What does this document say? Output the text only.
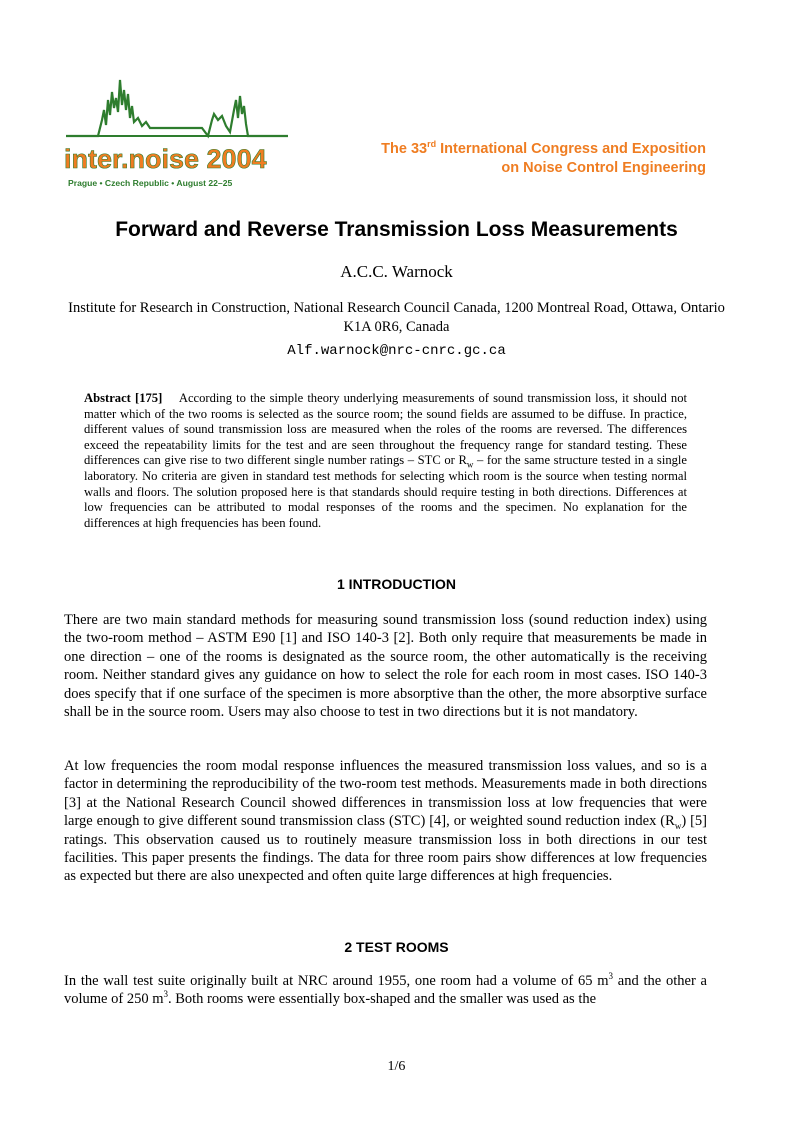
inter.noise 2004
Prague • Czech Republic • August 22–25
The 33rd International Congress and Exposition
on Noise Control Engineering
Forward and Reverse Transmission Loss Measurements
A.C.C. Warnock
Institute for Research in Construction, National Research Council Canada, 1200 Montreal Road, Ottawa, Ontario K1A 0R6, Canada
Alf.warnock@nrc-cnrc.gc.ca
Abstract [175] According to the simple theory underlying measurements of sound transmission loss, it should not matter which of the two rooms is selected as the source room; the sound fields are assumed to be diffuse. In practice, different values of sound transmission loss are measured when the roles of the rooms are reversed. The differences exceed the repeatability limits for the test and are seen throughout the frequency range for standard testing. These differences can give rise to two different single number ratings – STC or $R_w$ – for the same structure tested in a single laboratory. No criteria are given in standard test methods for selecting which room is the source when testing normal walls and floors. The solution proposed here is that standards should require testing in both directions. Differences at low frequencies can be attributed to modal responses of the rooms and the specimen. No explanation for the differences at high frequencies has been found.
1 INTRODUCTION
There are two main standard methods for measuring sound transmission loss (sound reduction index) using the two-room method – ASTM E90 [1] and ISO 140-3 [2]. Both only require that measurements be made in one direction – one of the rooms is designated as the source room, the other automatically is the receiving room. Neither standard gives any guidance on how to select the role for each room in most cases. ISO 140-3 does specify that if one surface of the specimen is more absorptive than the other, the more absorptive surface shall be in the source room. Users may also choose to test in two directions but it is not mandatory.
At low frequencies the room modal response influences the measured transmission loss values, and so is a factor in determining the reproducibility of the two-room test methods. Measurements made in both directions [3] at the National Research Council showed differences in transmission loss at low frequencies that were large enough to give different sound transmission class (STC) [4], or weighted sound reduction index $(R_w)$ [5] ratings. This observation caused us to routinely measure transmission loss in both directions in our test facilities. This paper presents the findings. The data for three room pairs show differences at low frequencies as expected but there are also unexpected and often quite large differences at high frequencies.
2 TEST ROOMS
In the wall test suite originally built at NRC around 1955, one room had a volume of 65 $m^3$ and the other a volume of 250 $m^3$. Both rooms were essentially box-shaped and the smaller was used as the
1/6
